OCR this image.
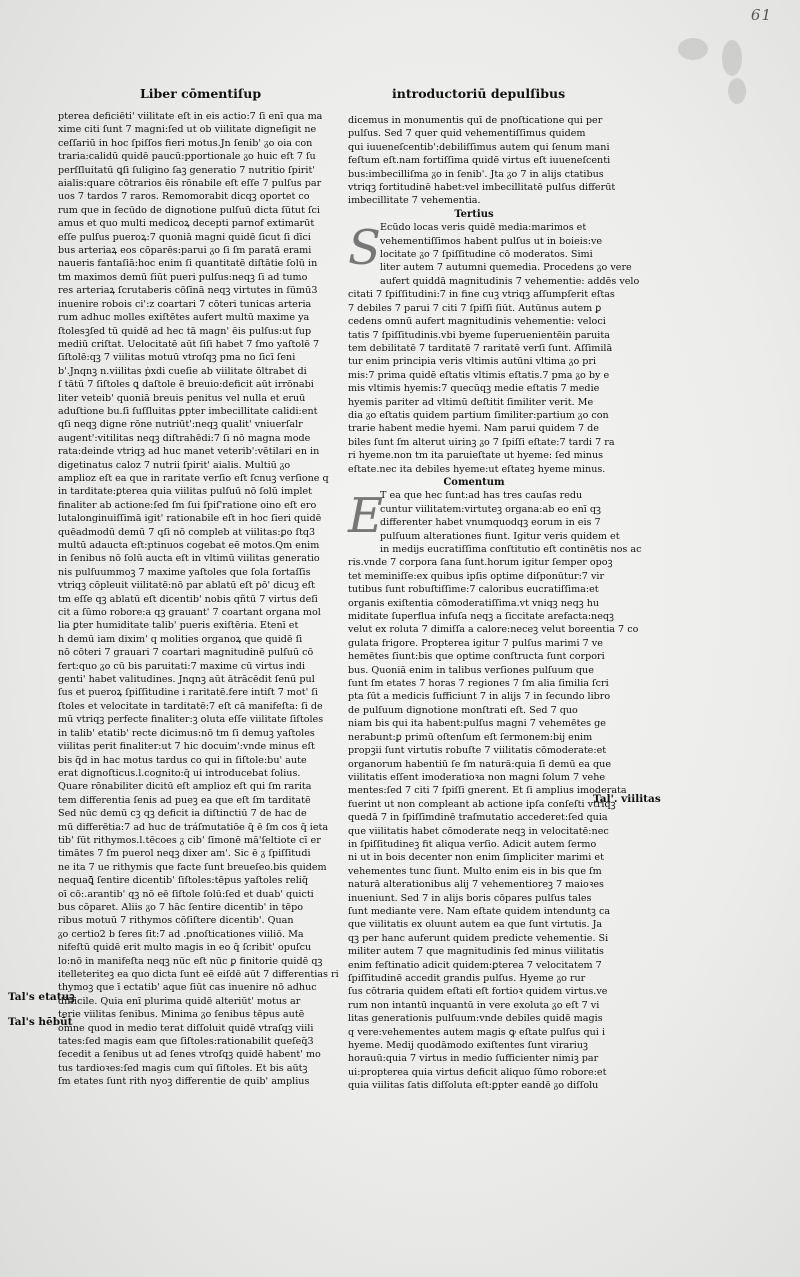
61
Liber cōmentiſup	introductoriū depulſibus
pterea deficiēti' viilitate eſt in eis actio:7 ſi enī qua ma
xime citi ſunt 7 magni:ſed ut ob viilitate digneſigit ne
ceſſariū in hoc ſpiſſos fieri motus.Jn ſenib' ᵹo oia con
traria:calidū quidē paucū:pportionale ᵹo huic eſt 7 ſu
perſſluitatū ꝗſi ſuligino ſaꝫ generatio 7 nutritio ſpirit'
aialis:quare cōtrarios ēis rōnabile eſt eſſe 7 pulſus par
uos 7 tardos 7 raros. Remomorabit dicqꝫ oportet co
rum que in ſecūdo de dignotione pulſuū dicta ſūtut ſci
amus et quo multi medicoꝝ decepti parnof extimarūt
eſſe pulſus pueroꝝ:7 quoniā magni quidē ſicut ſi dīci
bus arteriaꝝ eos cōparēs:parui ᵹo ſi ſm paratā erami
naueris fantaſiā:hoc enim ſi quantitatē diſtātie ſolū in
tm maximos demū ſiūt pueri pulſus:neqꝫ ſi ad tumo
res arteriaꝝ ſcrutaberis cōſīnā neqꝫ virtutes in ſūmū3
inuenire robois ci':z coartari 7 cōteri tunicas arteria
rum adhuc molles exiſtētes aufert multū maxime ya
ſtolesꝫſed tū quidē ad hec tā magn' ēis pulſus:ut ſup
mediū criſtat. Uelocitatē aūt ſiſi habet 7 ſmo yaſtolē 7
ſiſtolē:qꝫ 7 viilitas motuū vtroſqꝫ pma no ſicī ſeni
b'.Jnqnꝫ n.viilitas ṗxdi cueſie ab viilitate ōltrabet di
ſ tātū 7 ſiſtoles ꝗ daſtole ē breuio:deficit aūt irrōnabi
liter veteib' quoniā breuis penitus vel nulla et eruū
aduſtione bu.ſi ſuſſluitas ꝑpter imbecillitate calidi:ent
qſi neqꝫ digne rōne nutriūt':neqꝫ qualit' vniuerſalr
augent':vitilitas neqꝫ diſtrahēdi:7 ſi nō magna mode
rata:deinde vtriqꝫ ad huc manet veterib':vētilari en in
digetinatus caloz 7 nutrii ſpirit' aialis. Multiū ᵹo
amplioz eſt ea que in raritate verſio eſt ſcnuꝫ verſione q
in tarditate:ꝑterea quia viilitas pulſuū nō ſolū implet
finaliter ab actione:ſed ſm ſui ſpiſ'ratione oino eſt ero
lutalonginuiſſimā igit' rationabile eſt in hoc ſieri quidē
quēadmodū demū 7 qſi nō compleb at viilitas:ꝑo ſtq3
multū adaucta eſt:ptinuos cogebat eē motos.Qm enim
in ſenibus nō ſolū aucta eſt in vltimū viilitas generatio
nis pulſuummoꝫ 7 maxime yaſtoles que ſola ſortaſſis
vtriqꝫ cōpleuit viilitatē:nō par ablatū eſt pō' dicuꝫ eſt
tm eſſe qꝫ ablatū eſt dicentib' nobis qñtū 7 virtus deſi
cit a ſūmo robore:a qꝫ grauant' 7 coartant organa mol
lia ꝑter humiditate talib' pueris exiſtēria. Etenī et
h demū iam dixim' q molities organoꝝ que quidē ſi
nō cōteri 7 grauari 7 coartari magnitudinē pulſuū cō
fert:quo ᵹo cū bis paruitati:7 maxime cū virtus indi
genti' habet valitudines. Jnqnꝫ aūt ātrācēdit ſenū pul
ſus et pueroꝝ ſpiſſitudine i raritatē.fere intiſt 7 mot' ſi
ſtoles et velocitate in tarditatē:7 eſt cā manifeſta: ſi de
mū vtriqꝫ perfecte finaliter:ꝫ oluta eſſe viilitate ſiſtoles
in talib' etatib' recte dicimus:nō tm ſi demuꝫ yaſtoles
viilitas perit finaliter:ut 7 hic docuim':vnde minus eſt
bis q̄d in hac motus tardus co qui in ſiſtole:bu' aute
erat dignoſticus.l.cognito:q̄ ui introducebat ſolius.
Quare rōnabiliter dicitū eſt amplioz eſt qui ſm rarita
tem differentia ſenis ad pueꝫ ea que eſt ſm tarditatē
Sed nūc demū cꝫ qꝫ deficit ia diſtinctiū 7 de hac de
mū differētia:7 ad huc de tráſmutatiōe q̄ ē ſm cos q̄ ieta
tib' ſūt rithymos.l.tēcoes ᵹ cib' ſīmonē mā'ſeltiote cī er
timātes 7 ſm puerol neqꝫ dixer am'. Sic ē ᵹ ſpiſſitudi
ne ita 7 ue rithymis que facte ſunt breueſeo.bis quidem
nequaꝗ̄ ſentire dicentib' ſiſtoles:tēpus yaſtoles reliq̄
oī cō:.arantib' qꝫ nō eē ſiſtole ſolū:ſed et duab' quicti
bus cōparet. Aliis ᵹo 7 hāc ſentire dicentib' in tēpo
ribus motuū 7 rithymos cōſiſtere dicentib'. Quan
ᵹo certio2 b ſeres ſit:7 ad .pnoſticationes viiliō. Ma
nifeſtū quidē erit multo magis in eo q̄ ſcribit' opuſcu
lo:nō in manifeſta neqꝫ nūc eſt nūc ꝑ finitorie quidē qꝫ
itelleteriteꝫ ea quo dicta ſunt eē eiſdē aūt 7 differentias ri
thymoꝫ que ī ectatib' aque ſiūt cas inuenire nō adhuc
difficile. Quia enī plurima quidē alteriūt' motus ar
terie viilitas ſenibus. Minima ᵹo ſenibus tēpus autē
omne quod in medio terat diſſoluit quidē vtraſqꝫ viili
tates:ſed magis eam que ſiſtoles:rationabilit queſeq̄3
ſecedit a ſenibus ut ad ſenes vtroſqꝫ quidē habent' mo
tus tardioꝛes:ſed magis cum quī ſiſtoles. Et bis aūtꝫ
ſm etates ſunt rith nyoꝫ differentie de quib' amplius
dicemus in monumentis quī de pnoſticatione qui per
pulſus. Sed 7 quer quid vehementiſſimus quidem
qui iuueneſcentib':debiliſſimus autem qui ſenum mani
feſtum eſt.nam fortiſſima quidē virtus eſt iuueneſcenti
bus:imbecilliſma ᵹo in ſenib'. Jta ᵹo 7 in alijs ctatibus
vtriqꝫ fortitudinē habet:vel imbecillitatē pulſus differūt
imbecillitate 7 vehementia.
Tertius
S Ecūdo locas veris quidē media:marimos et
vehementiſſimos habent pulſus ut in boieis:ve
locitate ᵹo 7 ſpiſſitudine cō moderatos. Simi
liter autem 7 autumni quemedia. Procedens ᵹo vere
aufert quiddā magnitudinis 7 vehementie: addēs velo
citati 7 ſpiſſitudini:7 in fine cuꝫ vtriqꝫ aſſumpſerit eſtas
7 debiles 7 parui 7 citi 7 ſpiſſi ſiūt. Autūnus autem ꝑ
cedens omnū aufert magnitudinis vehementie: veloci
tatis 7 ſpiſſitudinis.vbi byeme ſuperuenientēin paruita
tem debilitatē 7 tarditatē 7 raritatē verſi ſunt. Aſſimilā
tur enim principia veris vltimis autūni vltima ᵹo pri
mis:7 prima quidē eſtatis vltimis eſtatis.7 pma ᵹo by e
mis vltimis hyemis:7 quecūqꝫ medie eſtatis 7 medie
hyemis pariter ad vltimū deſtitit ſimiliter verit. Me
dia ᵹo eſtatis quidem partium ſimiliter:partium ᵹo con
trarie habent medie hyemi. Nam parui quidem 7 de
biles ſunt ſm alterut uirinꝫ ᵹo 7 ſpiſſi eſtate:7 tardi 7 ra
ri hyeme.non tm ita paruieſtate ut hyeme: ſed minus
eſtate.nec ita debiles hyeme:ut eſtateꝫ hyeme minus.
Comentum
E
T ea que hec ſunt:ad has tres cauſas redu
cuntur viilitatem:virtuteꝫ organa:ab eo enī qꝫ
differenter habet vnumquodqꝫ eorum in eis 7
pulſuum alterationes fiunt. Igitur veris quidem et
in medijs eucratiſſima conſtitutio eſt continētis nos ac
ris.vnde 7 corpora ſana ſunt.horum igitur ſemper opoꝫ
tet meminiſſe:ex quibus ipſis optime diſponūtur:7 vir
tutibus ſunt robuſtiſſime:7 caloribus eucratiſſima:et
organis exiſtentia cōmoderatiſſima.vt vniqꝫ neqꝫ hu
miditate ſuperflua infuſa neqꝫ a ſiccitate arefacta:neqꝫ
velut ex roluta 7 dimiſſa a calore:neceꝫ velut boreentia 7 co
gulata frigore. Propterea igitur 7 pulſus marimi 7 ve
hemētes ſiunt:bis que optime conſtructa ſunt corpori
bus. Quoniā enim in talibus verſiones pulſuum que
ſunt ſm etates 7 horas 7 regiones 7 ſm alia ſimilia ſcri
pta ſūt a medicis ſufficiunt 7 in alijs 7 in ſecundo libro
de pulſuum dignotione monſtrati eſt. Sed 7 quo
niam bis qui ita habent:pulſus magni 7 vehemētes ge
nerabunt:ꝑ primū oſtenſum eſt ſermonem:bij enim
propꝫii ſunt virtutis robuſte 7 viilitatis cōmoderate:et
organorum habentiū ſe ſm naturā:quia ſi demū ea que
viilitatis eſſent imoderatioꝛa non magni ſolum 7 vehe
mentes:ſed 7 citi 7 ſpiſſi gnerent. Et ſi amplius imoderata
fuerint ut non compleant ab actione ipſa conſeſti vtriqꝫ
quedā 7 in ſpiſſimdinē traſmutatio accederet:ſed quia
que viilitatis habet cōmoderate neqꝫ in velocitatē:nec
in ſpiſſitudineꝫ fit aliqua verſio. Adicit autem ſermo
ni ut in bois decenter non enim ſimpliciter marimi et
vehementes tunc ſiunt. Multo enim eis in bis que ſm
naturā alterationibus alij 7 vehementioreꝫ 7 maioꝛes
inueniunt. Sed 7 in alijs boris cōpares pulſus tales
ſunt mediante vere. Nam eſtate quidem intenduntꝫ ca
que viilitatis ex oluunt autem ea que ſunt virtutis. Ja
qꝫ per hanc auferunt quidem predicte vehementie. Si
militer autem 7 que magnitudinis ſed minus viilitatis
enim feſtinatio adicit quidem:ꝑterea 7 velocitatem 7
ſpiſſitudinē accedit grandis pulſus. Hyeme ᵹo rur
ſus cōtraria quidem eſtati eſt fortioꝛ quidem virtus.ve
rum non intantū inquantū in vere exoluta ᵹo eſt 7 vi
litas generationis pulſuum:vnde debiles quidē magis
q vere:vehementes autem magis ꝙ eſtate pulſus qui i
hyeme. Medij quodāmodo exiſtentes ſunt virariuꝫ
horauū:quia 7 virtus in medio ſufficienter nimiꝫ par
ui:propterea quia virtus deficit aliquo ſūmo robore:et
quia viilitas ſatis diſſoluta eſt:ꝑpter eandē ᵹo diſſolu
Tal'. viilitas
Tal's etatuꝫ
Tal's hēbūt
